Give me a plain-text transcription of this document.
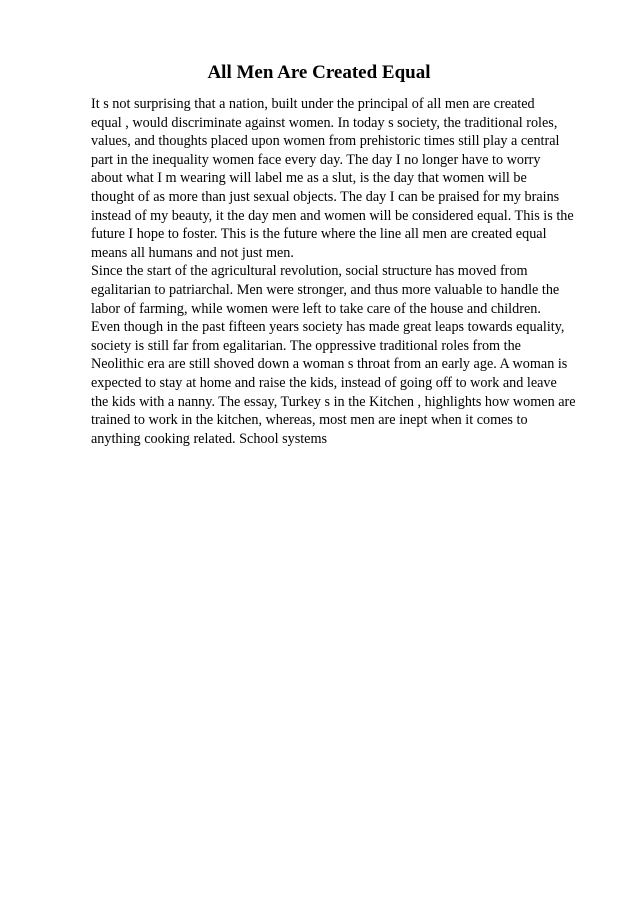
All Men Are Created Equal
It s not surprising that a nation, built under the principal of all men are created
equal , would discriminate against women. In today s society, the traditional roles,
values, and thoughts placed upon women from prehistoric times still play a central
part in the inequality women face every day. The day I no longer have to worry
about what I m wearing will label me as a slut, is the day that women will be
thought of as more than just sexual objects. The day I can be praised for my brains
instead of my beauty, it the day men and women will be considered equal. This is the
future I hope to foster. This is the future where the line all men are created equal
means all humans and not just men.
Since the start of the agricultural revolution, social structure has moved from
egalitarian to patriarchal. Men were stronger, and thus more valuable to handle the
labor of farming, while women were left to take care of the house and children.
Even though in the past fifteen years society has made great leaps towards equality,
society is still far from egalitarian. The oppressive traditional roles from the
Neolithic era are still shoved down a woman s throat from an early age. A woman is
expected to stay at home and raise the kids, instead of going off to work and leave
the kids with a nanny. The essay, Turkey s in the Kitchen , highlights how women are
trained to work in the kitchen, whereas, most men are inept when it comes to
anything cooking related. School systems
